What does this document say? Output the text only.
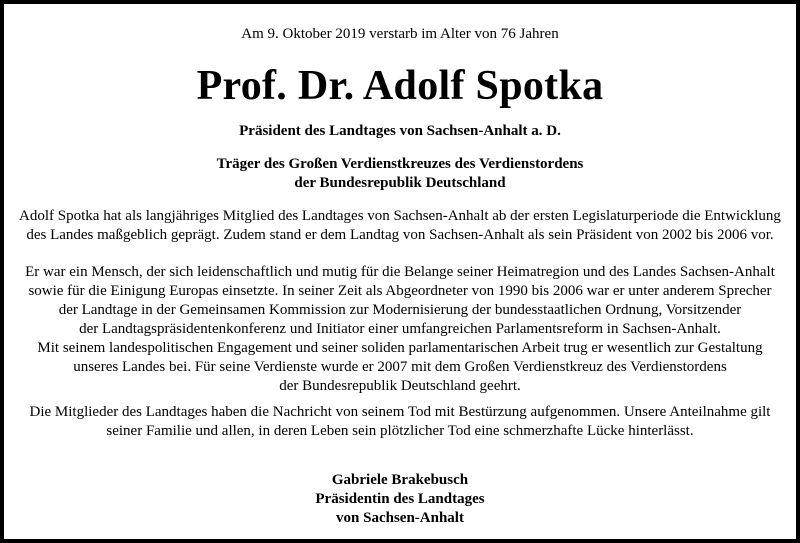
Am 9. Oktober 2019 verstarb im Alter von 76 Jahren
Prof. Dr. Adolf Spotka
Präsident des Landtages von Sachsen-Anhalt a. D.
Träger des Großen Verdienstkreuzes des Verdienstordens
der Bundesrepublik Deutschland
Adolf Spotka hat als langjähriges Mitglied des Landtages von Sachsen-Anhalt ab der ersten Legislaturperiode die Entwicklung
des Landes maßgeblich geprägt. Zudem stand er dem Landtag von Sachsen-Anhalt als sein Präsident von 2002 bis 2006 vor.
Er war ein Mensch, der sich leidenschaftlich und mutig für die Belange seiner Heimatregion und des Landes Sachsen-Anhalt
sowie für die Einigung Europas einsetzte. In seiner Zeit als Abgeordneter von 1990 bis 2006 war er unter anderem Sprecher
der Landtage in der Gemeinsamen Kommission zur Modernisierung der bundesstaatlichen Ordnung, Vorsitzender
der Landtagspräsidentenkonferenz und Initiator einer umfangreichen Parlamentsreform in Sachsen-Anhalt.
Mit seinem landespolitischen Engagement und seiner soliden parlamentarischen Arbeit trug er wesentlich zur Gestaltung
unseres Landes bei. Für seine Verdienste wurde er 2007 mit dem Großen Verdienstkreuz des Verdienstordens
der Bundesrepublik Deutschland geehrt.
Die Mitglieder des Landtages haben die Nachricht von seinem Tod mit Bestürzung aufgenommen. Unsere Anteilnahme gilt
seiner Familie und allen, in deren Leben sein plötzlicher Tod eine schmerzhafte Lücke hinterlässt.
Gabriele Brakebusch
Präsidentin des Landtages
von Sachsen-Anhalt
